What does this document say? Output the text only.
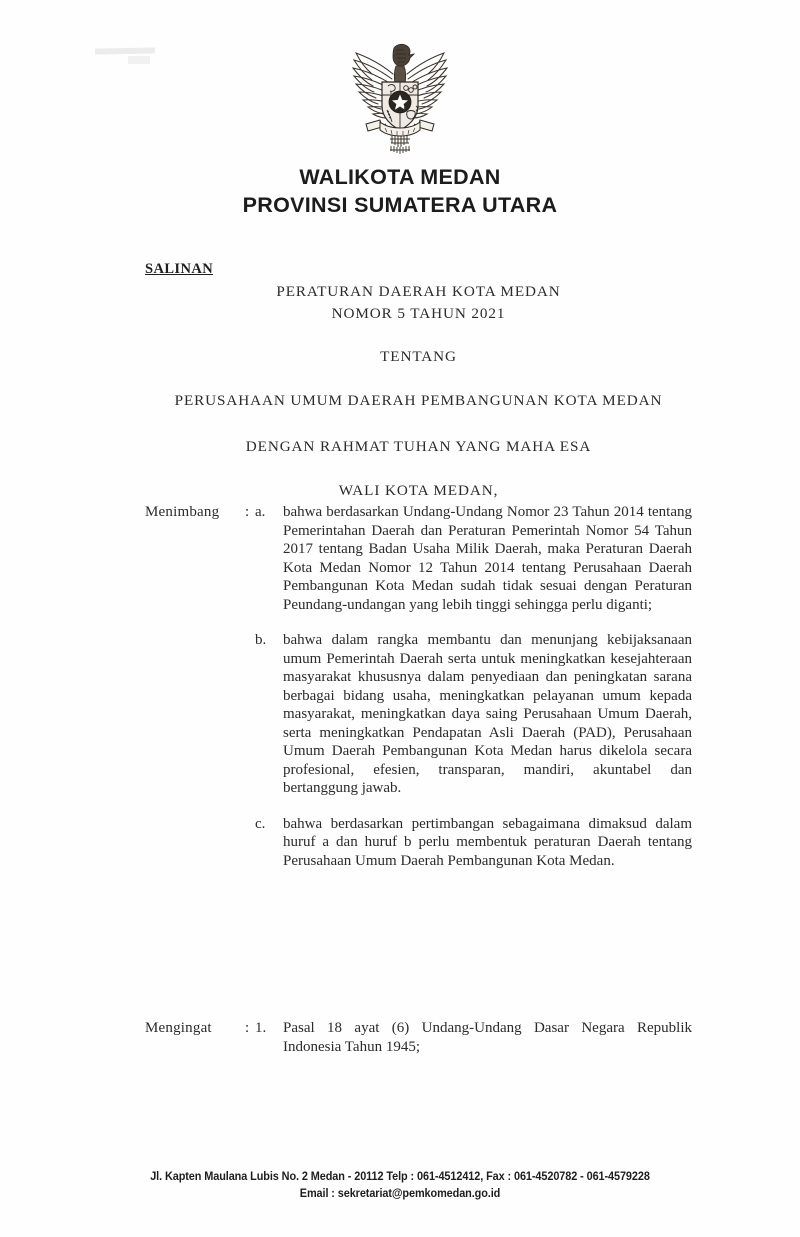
WALIKOTA MEDAN
PROVINSI SUMATERA UTARA
SALINAN
PERATURAN DAERAH KOTA MEDAN
NOMOR 5 TAHUN 2021
TENTANG
PERUSAHAAN UMUM DAERAH PEMBANGUNAN KOTA MEDAN
DENGAN RAHMAT TUHAN YANG MAHA ESA
WALI KOTA MEDAN,
Menimbang	: a.	bahwa berdasarkan Undang-Undang Nomor 23 Tahun 2014 tentang Pemerintahan Daerah dan Peraturan Pemerintah Nomor 54 Tahun 2017 tentang Badan Usaha Milik Daerah, maka Peraturan Daerah Kota Medan Nomor 12 Tahun 2014 tentang Perusahaan Daerah Pembangunan Kota Medan sudah tidak sesuai dengan Peraturan Peundang-undangan yang lebih tinggi sehingga perlu diganti;
b.	bahwa dalam rangka membantu dan menunjang kebijaksanaan umum Pemerintah Daerah serta untuk meningkatkan kesejahteraan masyarakat khususnya dalam penyediaan dan peningkatan sarana berbagai bidang usaha, meningkatkan pelayanan umum kepada masyarakat, meningkatkan daya saing Perusahaan Umum Daerah, serta meningkatkan Pendapatan Asli Daerah (PAD), Perusahaan Umum Daerah Pembangunan Kota Medan harus dikelola secara profesional, efesien, transparan, mandiri, akuntabel dan bertanggung jawab.
c.	bahwa berdasarkan pertimbangan sebagaimana dimaksud dalam huruf a dan huruf b perlu membentuk peraturan Daerah tentang Perusahaan Umum Daerah Pembangunan Kota Medan.
Mengingat	: 1.	Pasal 18 ayat (6) Undang-Undang Dasar Negara Republik Indonesia Tahun 1945;
Jl. Kapten Maulana Lubis No. 2 Medan - 20112 Telp : 061-4512412, Fax : 061-4520782 - 061-4579228
Email : sekretariat@pemkomedan.go.id
